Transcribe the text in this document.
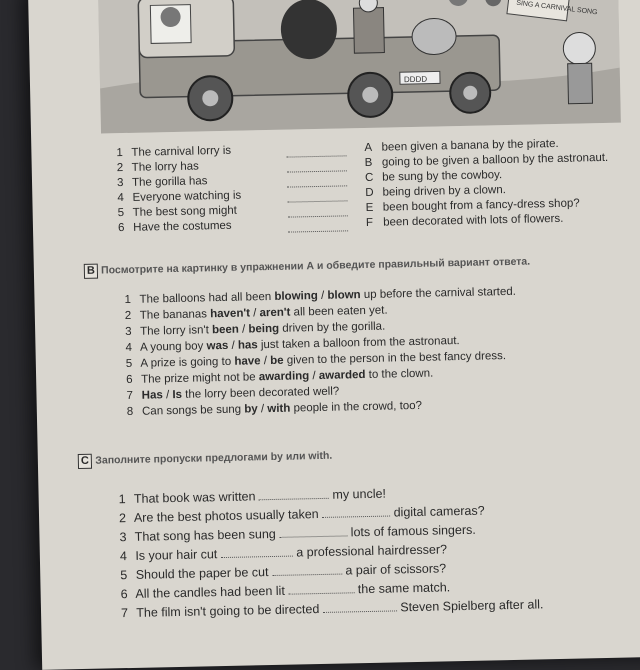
SING A CARNIVAL SONG
DDDD
1 The carnival lorry is
2 The lorry has
3 The gorilla has
4 Everyone watching is
5 The best song might
6 Have the costumes
A been given a banana by the pirate.
B going to be given a balloon by the astronaut.
C be sung by the cowboy.
D being driven by a clown.
E been bought from a fancy-dress shop?
F been decorated with lots of flowers.
B Посмотрите на картинку в упражнении А и обведите правильный вариант ответа.
1 The balloons had all been blowing / blown up before the carnival started.
2 The bananas haven't / aren't all been eaten yet.
3 The lorry isn't been / being driven by the gorilla.
4 A young boy was / has just taken a balloon from the astronaut.
5 A prize is going to have / be given to the person in the best fancy dress.
6 The prize might not be awarding / awarded to the clown.
7 Has / Is the lorry been decorated well?
8 Can songs be sung by / with people in the crowd, too?
C Заполните пропуски предлогами by или with.
1 That book was written	my uncle!
2 Are the best photos usually taken	digital cameras?
3 That song has been sung	lots of famous singers.
4 Is your hair cut	a professional hairdresser?
5 Should the paper be cut	a pair of scissors?
6 All the candles had been lit	the same match.
7 The film isn't going to be directed	Steven Spielberg after all.
